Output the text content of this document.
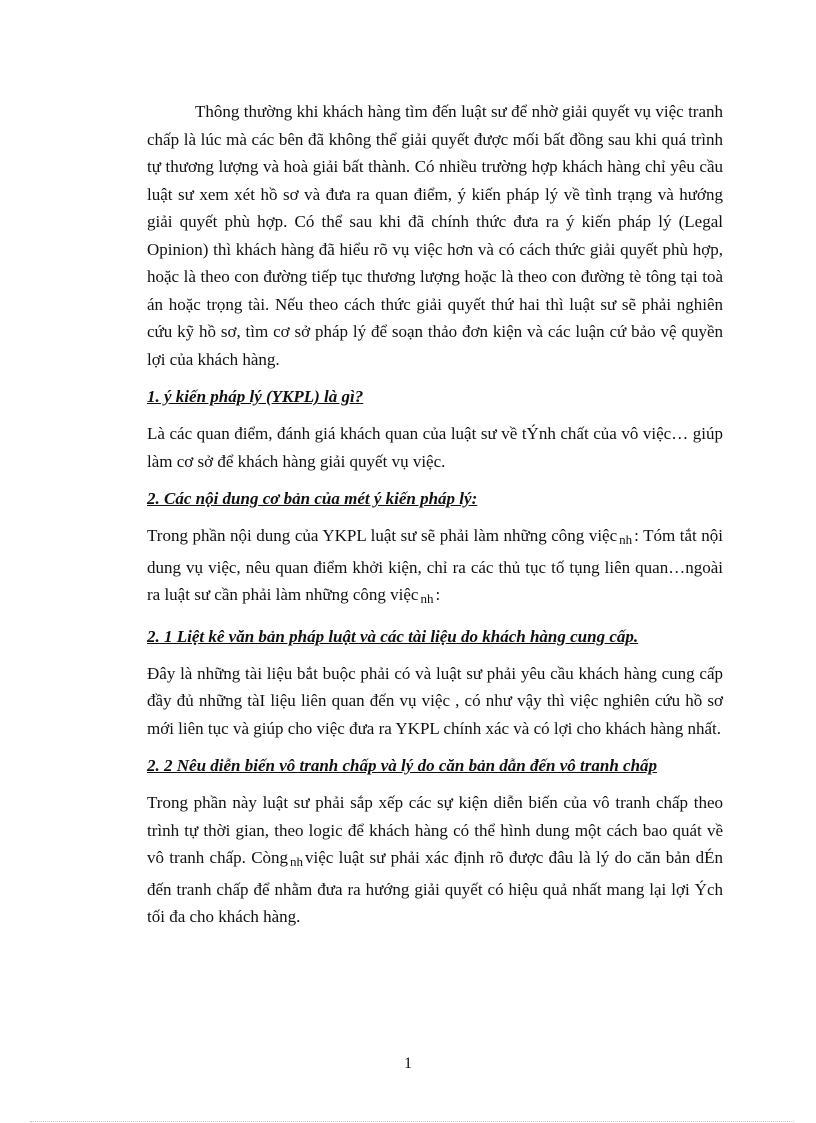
Thông thường khi khách hàng tìm đến luật sư để nhờ giải quyết vụ việc tranh chấp là lúc mà các bên đã không thể giải quyết được mối bất đồng sau khi quá trình tự thương lượng và hoà giải bất thành. Có nhiều trường hợp khách hàng chỉ yêu cầu luật sư xem xét hồ sơ và đưa ra quan điểm, ý kiến pháp lý về tình trạng và hướng giải quyết phù hợp. Có thể sau khi đã chính thức đưa ra ý kiến pháp lý (Legal Opinion) thì khách hàng đã hiểu rõ vụ việc hơn và có cách thức giải quyết phù hợp, hoặc là theo con đường tiếp tục thương lượng hoặc là theo con đường tè tông tại toà án hoặc trọng tài. Nếu theo cách thức giải quyết thứ hai thì luật sư sẽ phải nghiên cứu kỹ hồ sơ, tìm cơ sở pháp lý để soạn thảo đơn kiện và các luận cứ bảo vệ quyền lợi của khách hàng.

1. ý kiến pháp lý (YKPL) là gì?

Là các quan điểm, đánh giá khách quan của luật sư về tÝnh chất của vô việc… giúp làm cơ sở để khách hàng giải quyết vụ việc.

2. Các nội dung cơ bản của mét ý kiến pháp lý:

Trong phần nội dung của YKPL luật sư sẽ phải làm những công việc nh : Tóm tắt nội dung vụ việc, nêu quan điểm khởi kiện, chỉ ra các thủ tục tố tụng liên quan…ngoài ra luật sư cần phải làm những công việc nh :

2. 1 Liệt kê văn bản pháp luật và các tài liệu do khách hàng cung cấp.

Đây là những tài liệu bắt buộc phải có và luật sư phải yêu cầu khách hàng cung cấp đầy đủ những tàI liệu liên quan đến vụ việc , có như vậy thì việc nghiên cứu hồ sơ mới liên tục và giúp cho việc đưa ra YKPL chính xác và có lợi cho khách hàng nhất.

2. 2 Nêu diễn biến vô tranh chấp và lý do căn bản dẫn đến vô tranh chấp

Trong phần này luật sư phải sắp xếp các sự kiện diễn biến của vô tranh chấp theo trình tự thời gian, theo logic để khách hàng có thể hình dung một cách bao quát về vô tranh chấp. Còng nh việc luật sư phải xác định rõ được đâu là lý do căn bản dÉn đến tranh chấp để nhằm đưa ra hướng giải quyết có hiệu quả nhất mang lại lợi Ých tối đa cho khách hàng.

1
